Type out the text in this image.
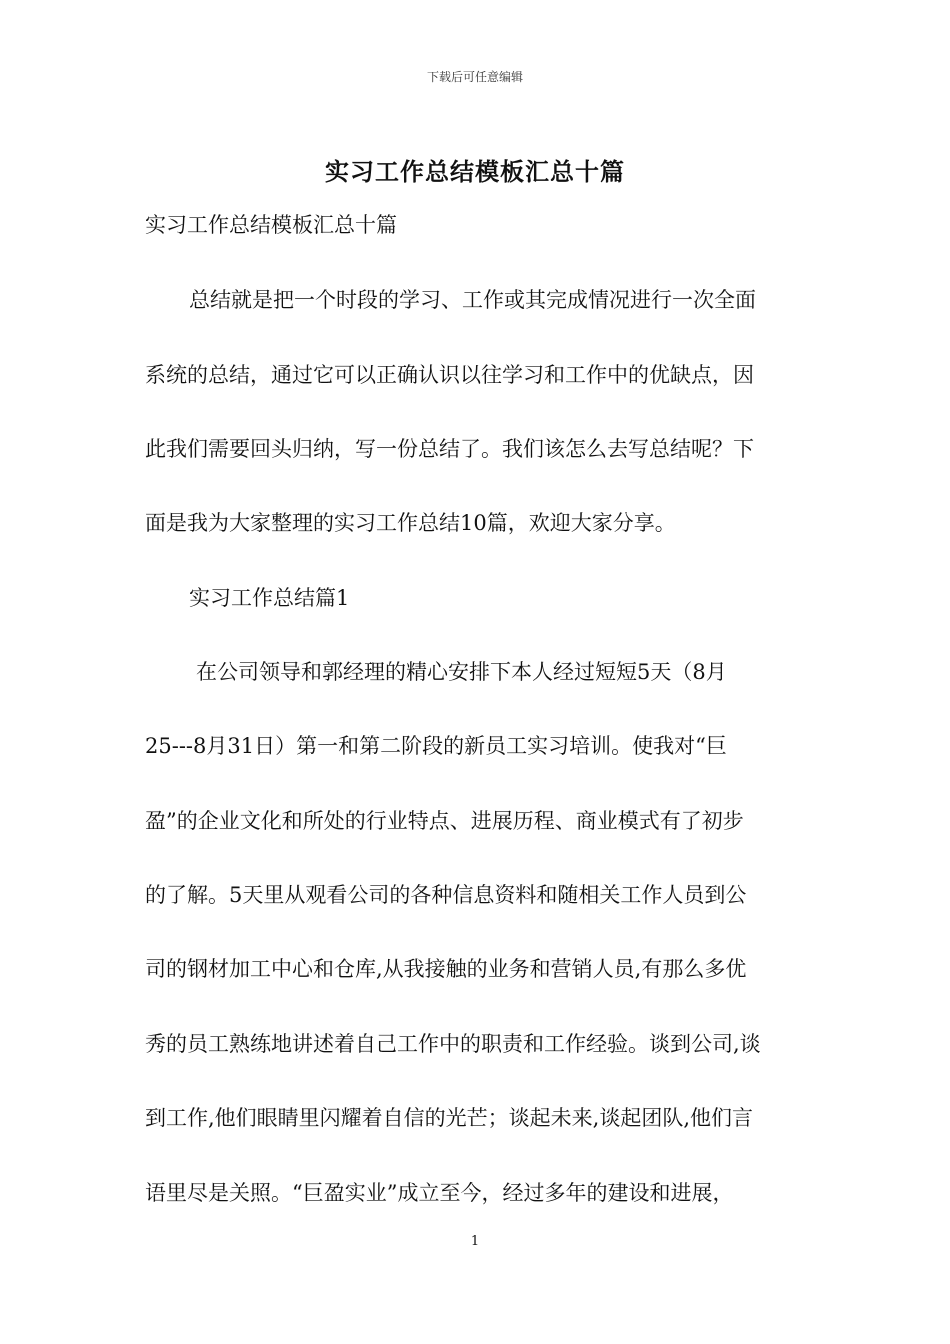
下载后可任意编辑
实习工作总结模板汇总十篇
实习工作总结模板汇总十篇
总结就是把一个时段的学习、工作或其完成情况进行一次全面
系统的总结，通过它可以正确认识以往学习和工作中的优缺点，因
此我们需要回头归纳，写一份总结了。我们该怎么去写总结呢？下
面是我为大家整理的实习工作总结10篇，欢迎大家分享。
实习工作总结篇1
在公司领导和郭经理的精心安排下本人经过短短5天（8月
25---8月31日）第一和第二阶段的新员工实习培训。使我对“巨
盈”的企业文化和所处的行业特点、进展历程、商业模式有了初步
的了解。5天里从观看公司的各种信息资料和随相关工作人员到公
司的钢材加工中心和仓库,从我接触的业务和营销人员,有那么多优
秀的员工熟练地讲述着自己工作中的职责和工作经验。谈到公司,谈
到工作,他们眼睛里闪耀着自信的光芒；谈起未来,谈起团队,他们言
语里尽是关照。“巨盈实业”成立至今，经过多年的建设和进展，
1
